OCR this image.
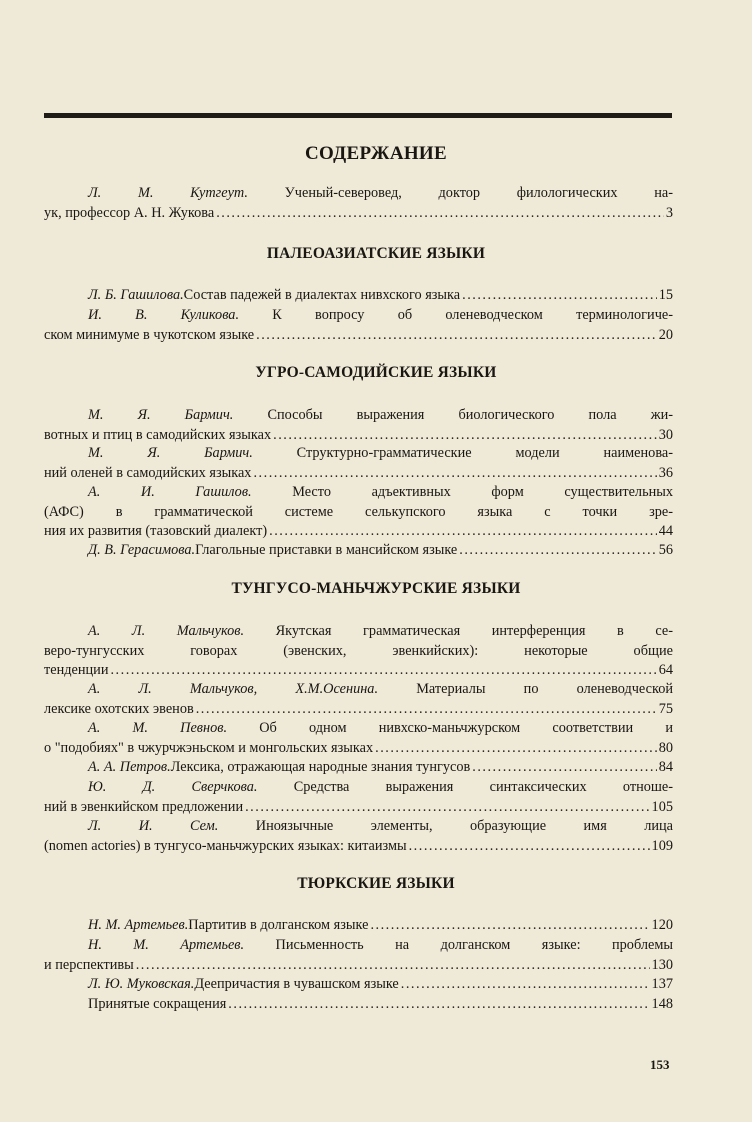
СОДЕРЖАНИЕ
Л. М. Кутгеут. Ученый-северовед, доктор филологических на-
ук, профессор А. Н. Жукова .....	3
ПАЛЕОАЗИАТСКИЕ ЯЗЫКИ
Л. Б. Гашилова. Состав падежей в диалектах нивхского языка .....	15
И. В. Куликова. К вопросу об оленеводческом терминологиче-
ском минимуме в чукотском языке .....	20
УГРО-САМОДИЙСКИЕ ЯЗЫКИ
М. Я. Бармич. Способы выражения биологического пола жи-
вотных и птиц в самодийских языках .....	30
М. Я. Бармич. Структурно-грамматические модели наименова-
ний оленей в самодийских языках .....	36
А. И. Гашилов. Место адъективных форм существительных
(АФС) в грамматической системе селькупского языка с точки зре-
ния их развития (тазовский диалект) .....	44
Д. В. Герасимова. Глагольные приставки в мансийском языке .....	56
ТУНГУСО-МАНЬЧЖУРСКИЕ ЯЗЫКИ
А. Л. Мальчуков. Якутская грамматическая интерференция в се-
веро-тунгусских говорах (эвенских, эвенкийских): некоторые общие
тенденции .....	64
А. Л. Мальчуков, Х.М.Осенина. Материалы по оленеводческой
лексике охотских эвенов .....	75
А. М. Певнов. Об одном нивхско-маньчжурском соответствии и
о "подобиях" в чжурчжэньском и монгольских языках .....	80
А. А. Петров. Лексика, отражающая народные знания тунгусов .....	84
Ю. Д. Сверчкова. Средства выражения синтаксических отноше-
ний в эвенкийском предложении .....	105
Л. И. Сем. Иноязычные элементы, образующие имя лица
(nomen actories) в тунгусо-маньчжурских языках: китаизмы .....	109
ТЮРКСКИЕ ЯЗЫКИ
Н. М. Артемьев. Партитив в долганском языке .....	120
Н. М. Артемьев. Письменность на долганском языке: проблемы
и перспективы .....	130
Л. Ю. Муковская. Деепричастия в чувашском языке .....	137
Принятые сокращения .....	148
153
